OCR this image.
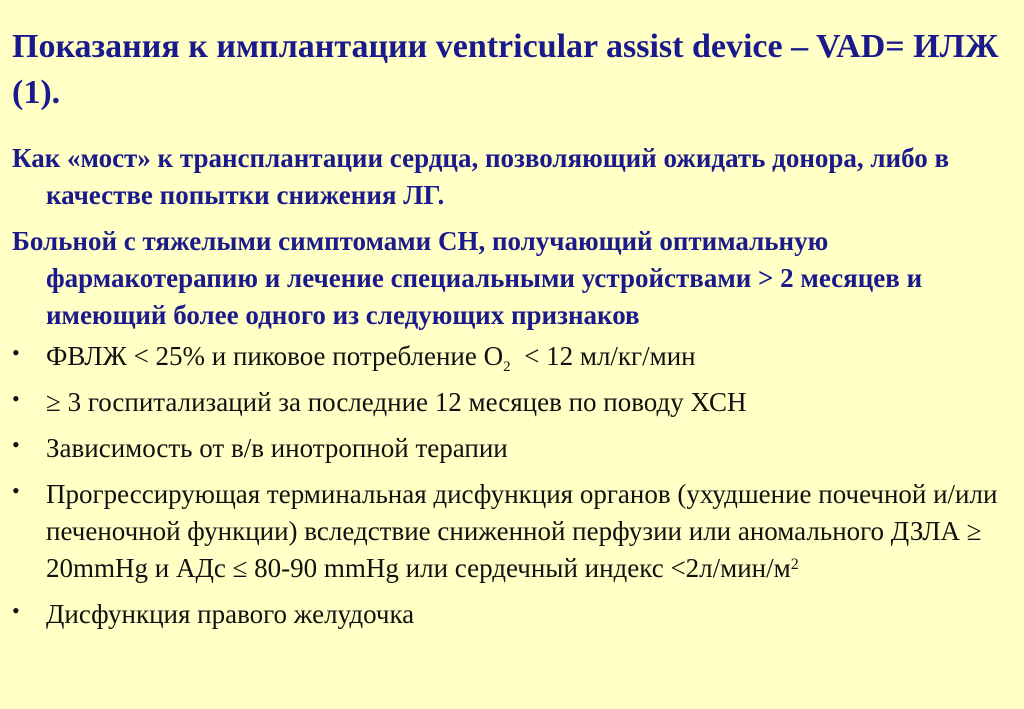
Показания к имплантации ventricular assist device – VAD= ИЛЖ (1).

Как «мост» к трансплантации сердца, позволяющий ожидать донора, либо в качестве попытки снижения ЛГ.

Больной с тяжелыми симптомами СН, получающий оптимальную фармакотерапию и лечение специальными устройствами > 2 месяцев и имеющий более одного из следующих признаков

• ФВЛЖ < 25% и пиковое потребление $О_2 < 12$ мл/кг/мин
• ≥ 3 госпитализаций за последние 12 месяцев по поводу ХСН
• Зависимость от в/в инотропной терапии
• Прогрессирующая терминальная дисфункция органов (ухудшение почечной и/или печеночной функции) вследствие сниженной перфузии или аномального ДЗЛА ≥ 20mmHg и АДс ≤ 80-90 mmHg или сердечный индекс $<2л/мин/м^2$
• Дисфункция правого желудочка
